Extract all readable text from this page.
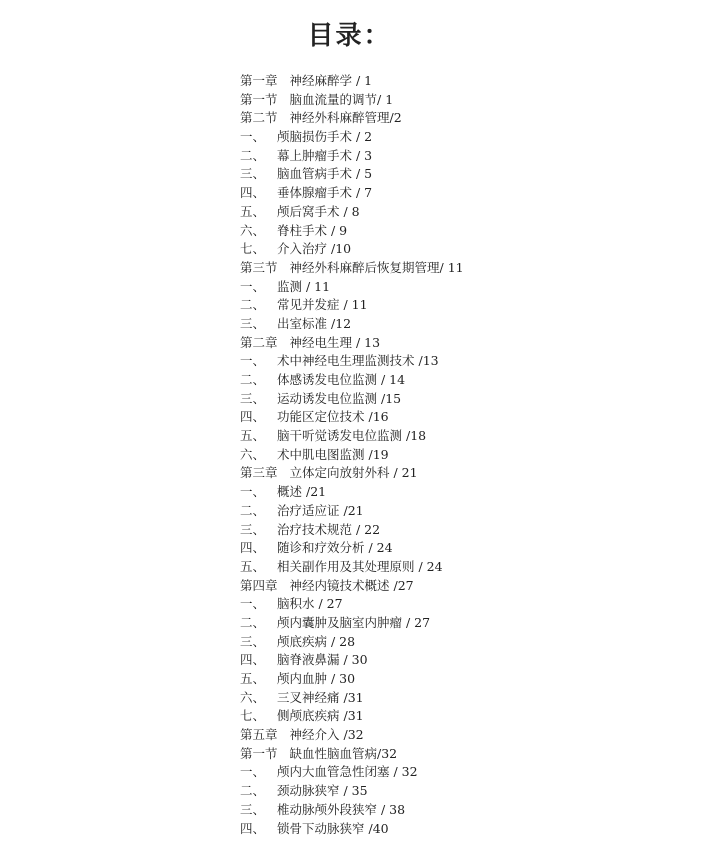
目录：
第一章 神经麻醉学 / 1
第一节 脑血流量的调节/ 1
第二节 神经外科麻醉管理/2
一、 颅脑损伤手术 / 2
二、 幕上肿瘤手术 / 3
三、 脑血管病手术 / 5
四、 垂体腺瘤手术 / 7
五、 颅后窝手术 / 8
六、 脊柱手术 / 9
七、 介入治疗 /10
第三节 神经外科麻醉后恢复期管理/ 11
一、 监测 / 11
二、 常见并发症 / 11
三、 出室标准 /12
第二章 神经电生理 / 13
一、 术中神经电生理监测技术 /13
二、 体感诱发电位监测 / 14
三、 运动诱发电位监测 /15
四、 功能区定位技术 /16
五、 脑干听觉诱发电位监测 /18
六、 术中肌电图监测 /19
第三章 立体定向放射外科 / 21
一、 概述 /21
二、 治疗适应证 /21
三、 治疗技术规范 / 22
四、 随诊和疗效分析 / 24
五、 相关副作用及其处理原则 / 24
第四章 神经内镜技术概述 /27
一、 脑积水 / 27
二、 颅内囊肿及脑室内肿瘤 / 27
三、 颅底疾病 / 28
四、 脑脊液鼻漏 / 30
五、 颅内血肿 / 30
六、 三叉神经痛 /31
七、 侧颅底疾病 /31
第五章 神经介入 /32
第一节 缺血性脑血管病/32
一、 颅内大血管急性闭塞 / 32
二、 颈动脉狭窄 / 35
三、 椎动脉颅外段狭窄 / 38
四、 锁骨下动脉狭窄 /40
